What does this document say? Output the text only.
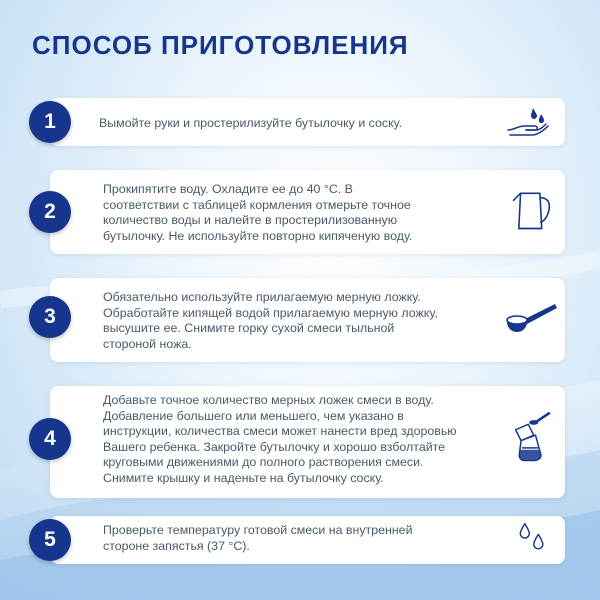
СПОСОБ ПРИГОТОВЛЕНИЯ
Вымойте руки и простерилизуйте бутылочку и соску.
1
Прокипятите воду. Охладите ее до 40 °С. В
соответствии с таблицей кормления отмерьте точное
количество воды и налейте в простерилизованную
бутылочку. Не используйте повторно кипяченую воду.
2
Обязательно используйте прилагаемую мерную ложку.
Обработайте кипящей водой прилагаемую мерную ложку,
высушите ее. Снимите горку сухой смеси тыльной
стороной ножа.
3
Добавьте точное количество мерных ложек смеси в воду.
Добавление большего или меньшего, чем указано в
инструкции, количества смеси может нанести вред здоровью
Вашего ребенка. Закройте бутылочку и хорошо взболтайте
круговыми движениями до полного растворения смеси.
Снимите крышку и наденьте на бутылочку соску.
4
Проверьте температуру готовой смеси на внутренней
стороне запястья (37 °С).
5
